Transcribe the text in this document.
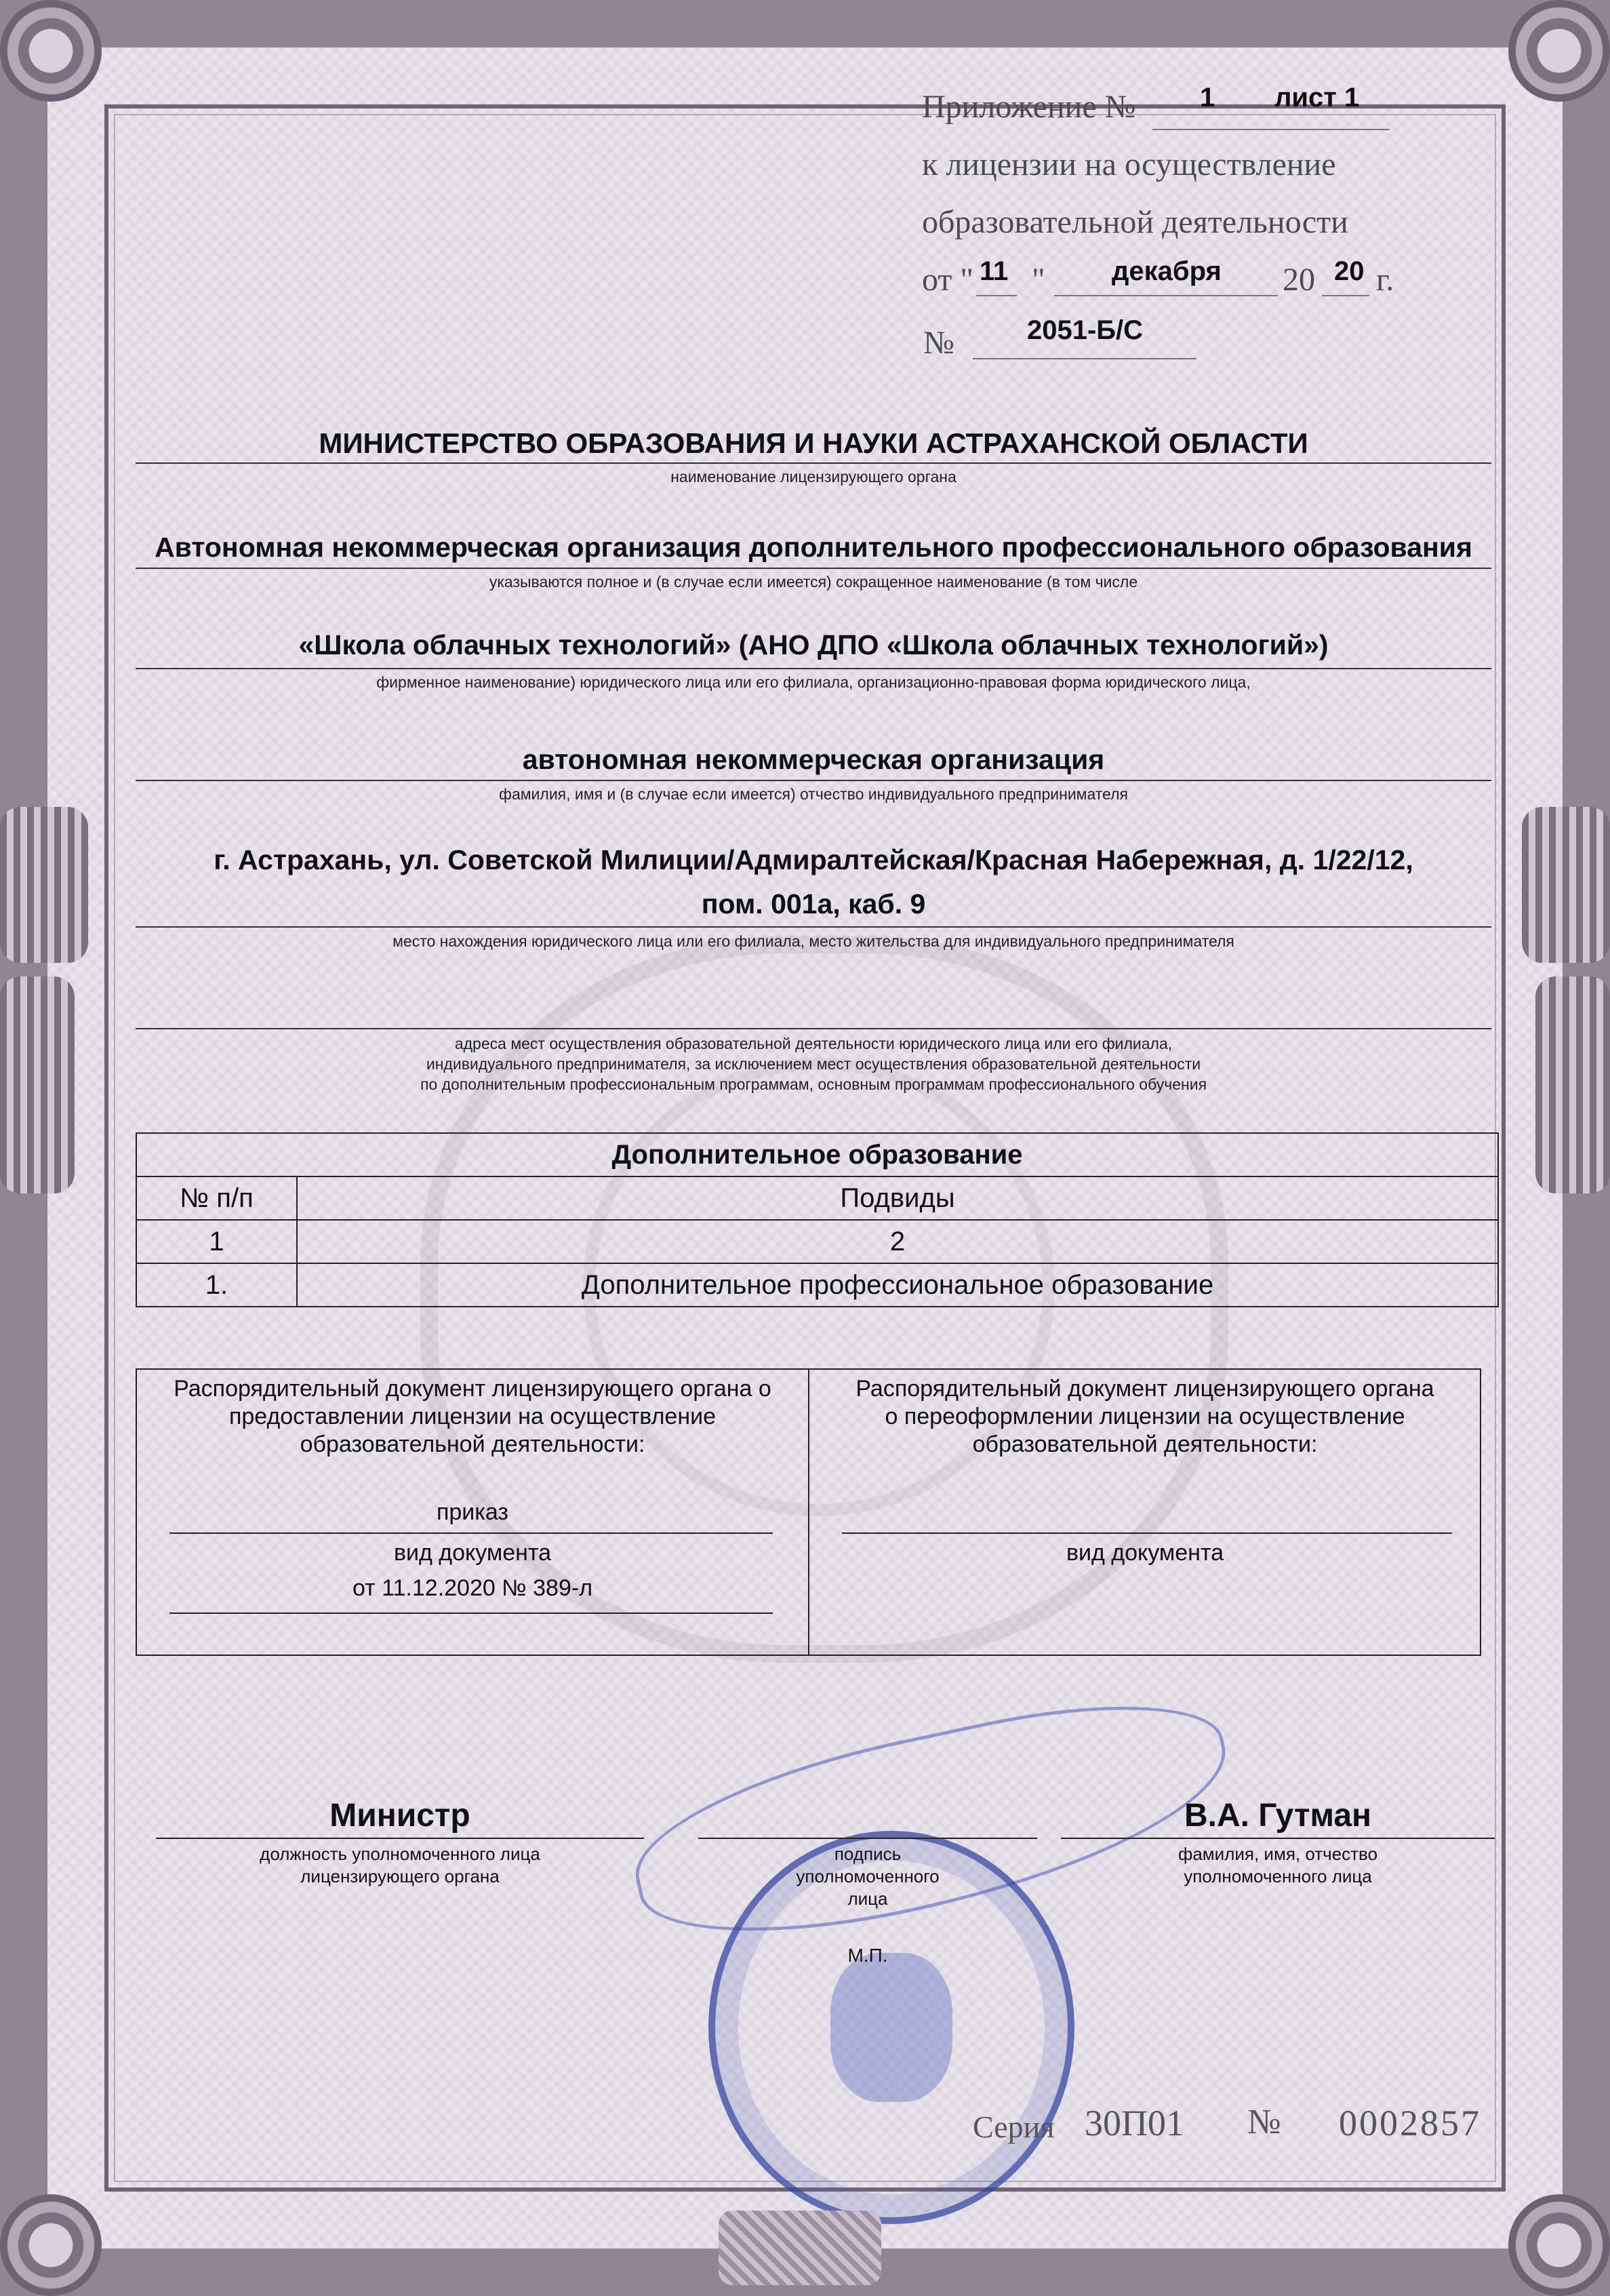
Приложение № 1 лист 1
к лицензии на осуществление
образовательной деятельности
от " 11 " декабря 20 20 г.
№	2051-Б/С
МИНИСТЕРСТВО ОБРАЗОВАНИЯ И НАУКИ АСТРАХАНСКОЙ ОБЛАСТИ
наименование лицензирующего органа
Автономная некоммерческая организация дополнительного профессионального образования
указываются полное и (в случае если имеется) сокращенное наименование (в том числе
«Школа облачных технологий» (АНО ДПО «Школа облачных технологий»)
фирменное наименование) юридического лица или его филиала, организационно-правовая форма юридического лица,
автономная некоммерческая организация
фамилия, имя и (в случае если имеется) отчество индивидуального предпринимателя
г. Астрахань, ул. Советской Милиции/Адмиралтейская/Красная Набережная, д. 1/22/12,
пом. 001а, каб. 9
место нахождения юридического лица или его филиала, место жительства для индивидуального предпринимателя
адреса мест осуществления образовательной деятельности юридического лица или его филиала,
индивидуального предпринимателя, за исключением мест осуществления образовательной деятельности
по дополнительным профессиональным программам, основным программам профессионального обучения
Дополнительное образование	
№ п/п	Подвиды
1	2
1.	Дополнительное профессиональное образование
Распорядительный документ лицензирующего органа о
предоставлении лицензии на осуществление
образовательной деятельности:
приказ
вид документа
от 11.12.2020 № 389-л
Распорядительный документ лицензирующего органа
о переоформлении лицензии на осуществление
образовательной деятельности:
вид документа
Министр
должность уполномоченного лица
лицензирующего органа
подпись
уполномоченного
лица
М.П.
В.А. Гутман
фамилия, имя, отчество
уполномоченного лица
Серия 30П01 № 0002857
